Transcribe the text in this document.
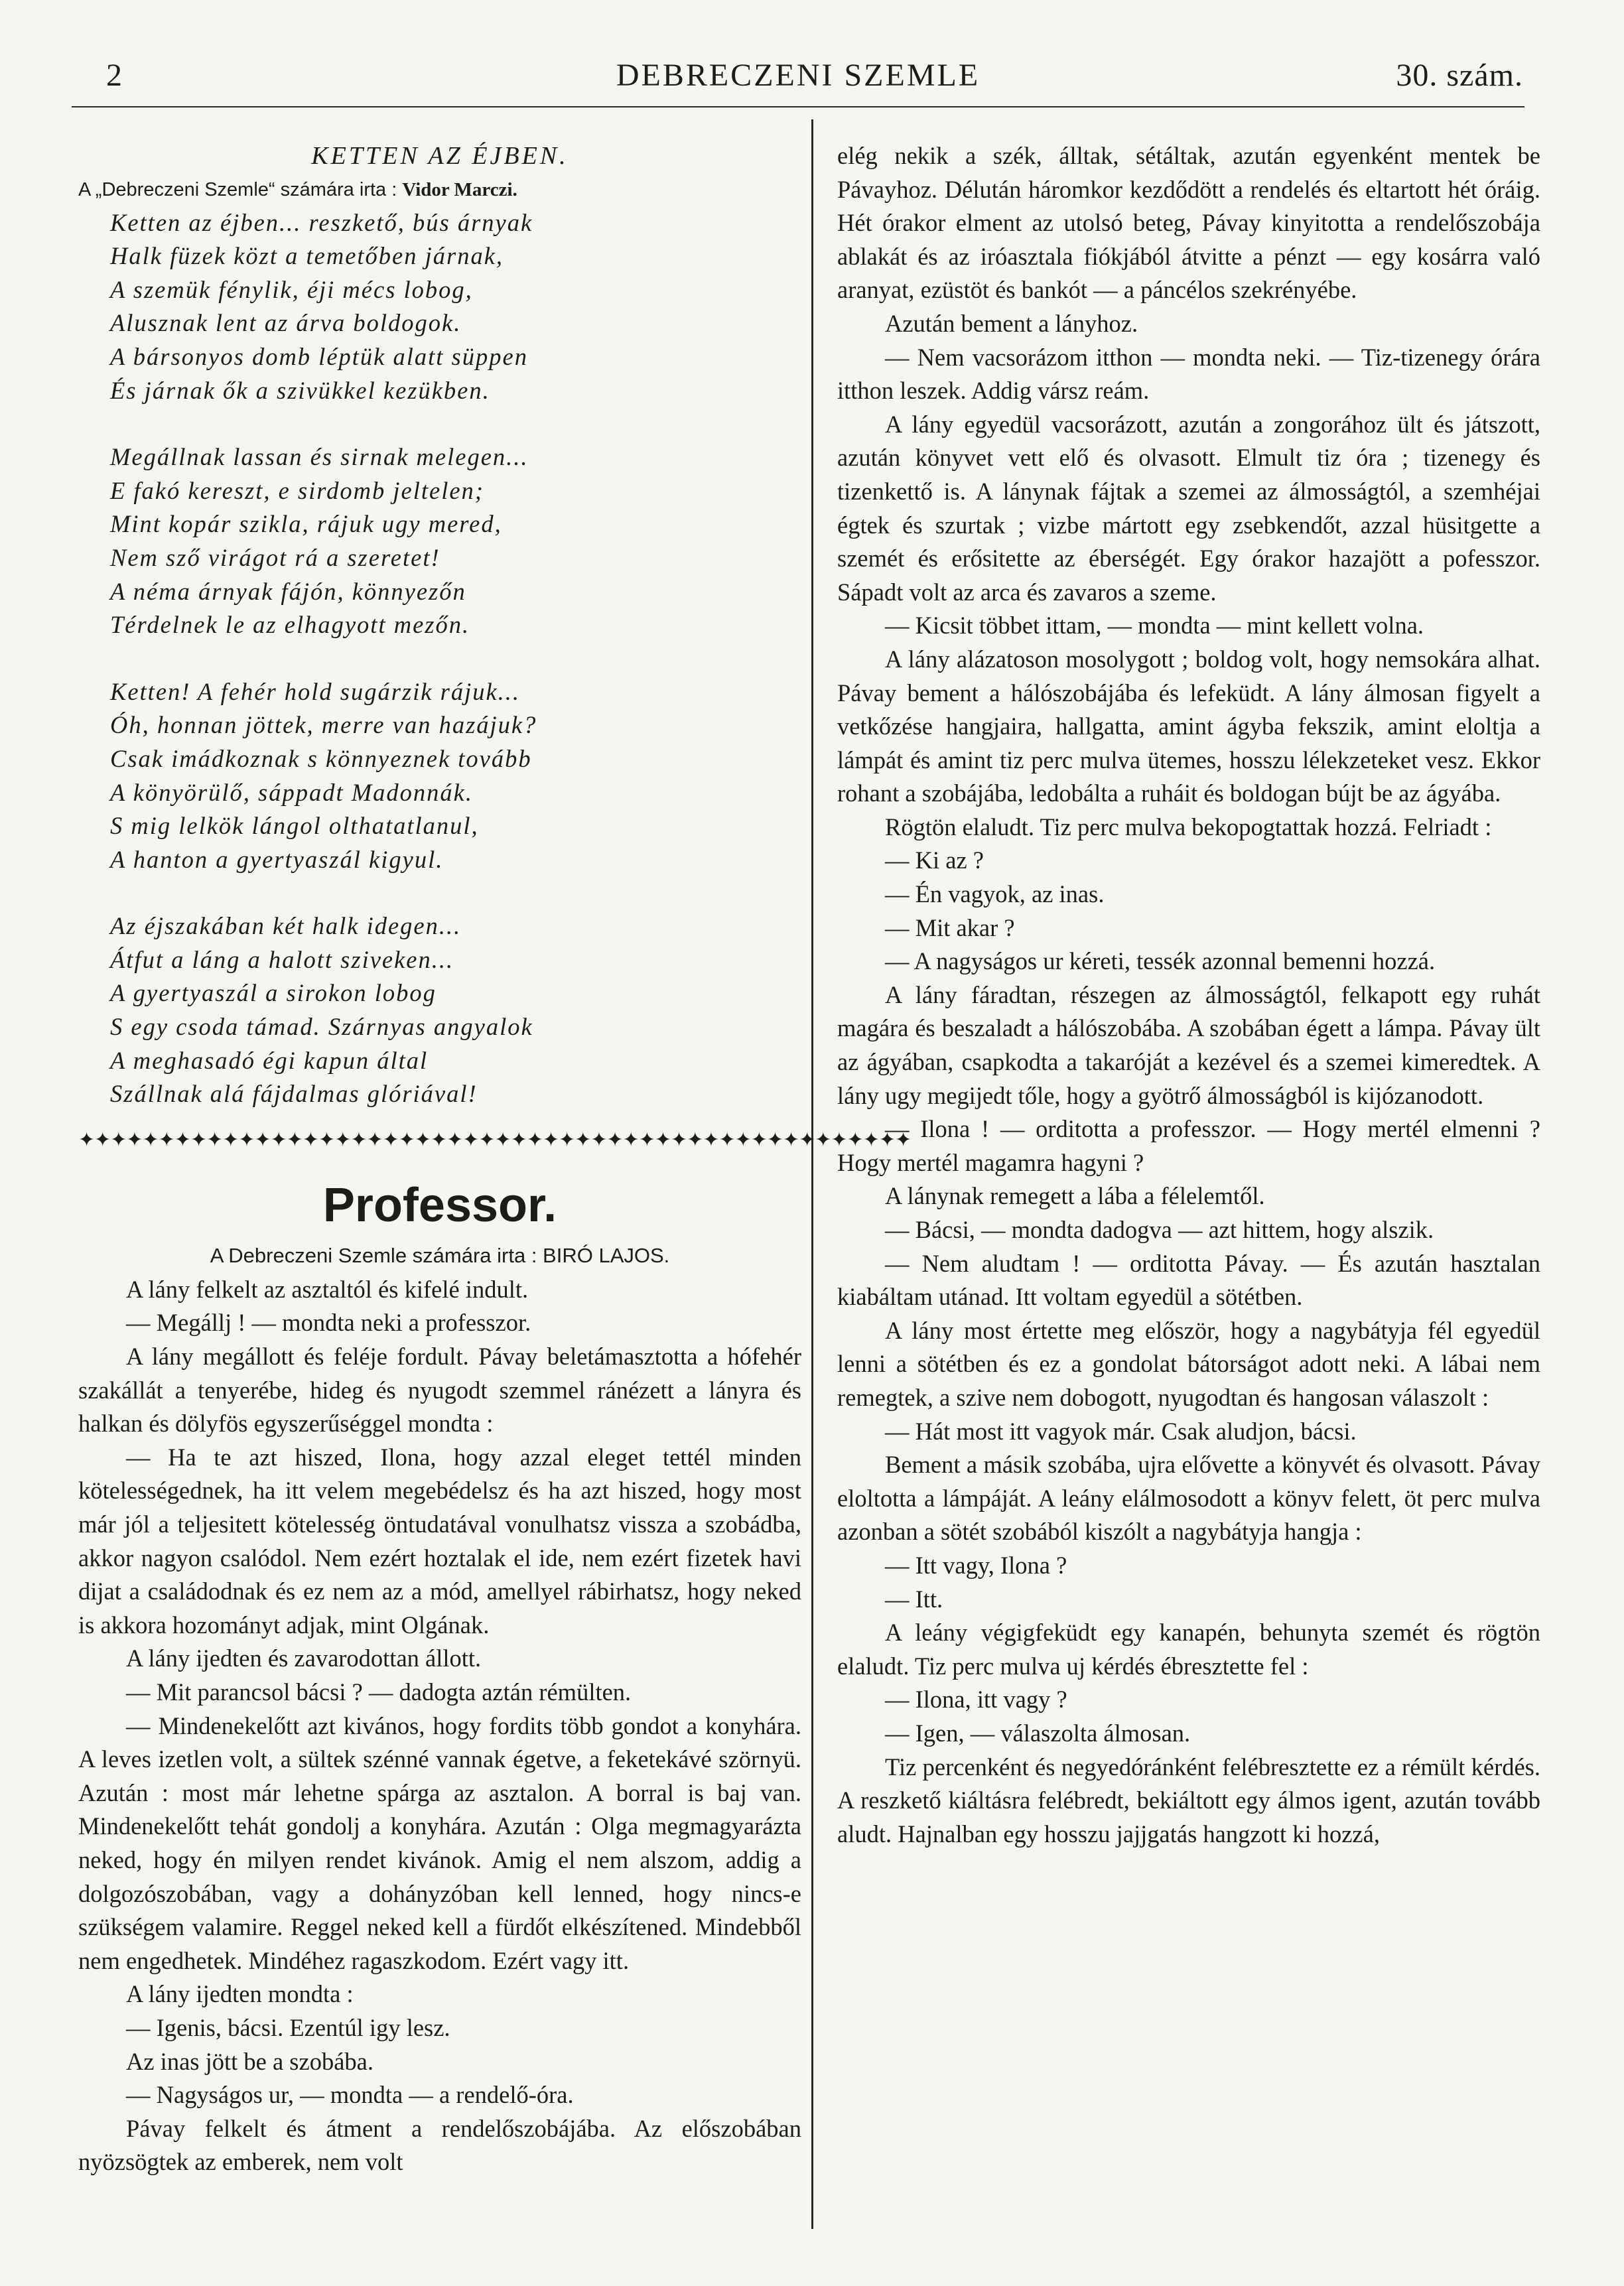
2	DEBRECZENI SZEMLE	30. szám.

KETTEN AZ ÉJBEN.

A „Debreczeni Szemle“ számára irta : Vidor Marczi.

Ketten az éjben... reszkető, bús árnyak
Halk füzek közt a temetőben járnak,
A szemük fénylik, éji mécs lobog,
Alusznak lent az árva boldogok.
A bársonyos domb léptük alatt süppen
És járnak ők a szivükkel kezükben.
Megállnak lassan és sirnak melegen...
E fakó kereszt, e sirdomb jeltelen;
Mint kopár szikla, rájuk ugy mered,
Nem sző virágot rá a szeretet!
A néma árnyak fájón, könnyezőn
Térdelnek le az elhagyott mezőn.
Ketten! A fehér hold sugárzik rájuk...
Óh, honnan jöttek, merre van hazájuk?
Csak imádkoznak s könnyeznek tovább
A könyörülő, sáppadt Madonnák.
S mig lelkök lángol olthatatlanul,
A hanton a gyertyaszál kigyul.
Az éjszakában két halk idegen...
Átfut a láng a halott sziveken...
A gyertyaszál a sirokon lobog
S egy csoda támad. Szárnyas angyalok
A meghasadó égi kapun által
Szállnak alá fájdalmas glóriával!
✦✦✦✦✦✦✦✦✦✦✦✦✦✦✦✦✦✦✦✦✦✦✦✦✦✦✦✦✦✦✦✦✦✦✦✦✦✦✦✦✦✦✦✦✦✦✦✦✦✦✦✦
Professor.
A Debreczeni Szemle számára irta : BIRÓ LAJOS.

A lány felkelt az asztaltól és kifelé indult.

— Megállj ! — mondta neki a professzor.

A lány megállott és feléje fordult. Pávay beletámasztotta a hófehér szakállát a tenyerébe, hideg és nyugodt szemmel ránézett a lányra és halkan és dölyfös egyszerűséggel mondta :

— Ha te azt hiszed, Ilona, hogy azzal eleget tettél minden kötelességednek, ha itt velem megebédelsz és ha azt hiszed, hogy most már jól a teljesitett kötelesség öntudatával vonulhatsz vissza a szobádba, akkor nagyon csalódol. Nem ezért hoztalak el ide, nem ezért fizetek havi dijat a családodnak és ez nem az a mód, amellyel rábirhatsz, hogy neked is akkora hozományt adjak, mint Olgának.

A lány ijedten és zavarodottan állott.

— Mit parancsol bácsi ? — dadogta aztán rémülten.

— Mindenekelőtt azt kivános, hogy fordits több gondot a konyhára. A leves izetlen volt, a sültek szénné vannak égetve, a feketekávé szörnyü. Azután : most már lehetne spárga az asztalon. A borral is baj van. Mindenekelőtt tehát gondolj a konyhára. Azután : Olga megmagyarázta neked, hogy én milyen rendet kivánok. Amig el nem alszom, addig a dolgozószobában, vagy a dohányzóban kell lenned, hogy nincs-e szükségem valamire. Reggel neked kell a fürdőt elkészítened. Mindebből nem engedhetek. Mindéhez ragaszkodom. Ezért vagy itt.

A lány ijedten mondta :

— Igenis, bácsi. Ezentúl igy lesz.

Az inas jött be a szobába.

— Nagyságos ur, — mondta — a rendelő-óra.

Pávay felkelt és átment a rendelőszobájába. Az előszobában nyözsögtek az emberek, nem volt

elég nekik a szék, álltak, sétáltak, azután egyenként mentek be Pávayhoz. Délután háromkor kezdődött a rendelés és eltartott hét óráig. Hét órakor elment az utolsó beteg, Pávay kinyitotta a rendelőszobája ablakát és az iróasztala fiókjából átvitte a pénzt — egy kosárra való aranyat, ezüstöt és bankót — a páncélos szekrényébe.

Azután bement a lányhoz.

— Nem vacsorázom itthon — mondta neki. — Tiz-tizenegy órára itthon leszek. Addig vársz reám.

A lány egyedül vacsorázott, azután a zongorához ült és játszott, azután könyvet vett elő és olvasott. Elmult tiz óra ; tizenegy és tizenkettő is. A lánynak fájtak a szemei az álmosságtól, a szemhéjai égtek és szurtak ; vizbe mártott egy zsebkendőt, azzal hüsitgette a szemét és erősitette az éberségét. Egy órakor hazajött a pofesszor. Sápadt volt az arca és zavaros a szeme.

— Kicsit többet ittam, — mondta — mint kellett volna.

A lány alázatoson mosolygott ; boldog volt, hogy nemsokára alhat. Pávay bement a hálószobájába és lefeküdt. A lány álmosan figyelt a vetkőzése hangjaira, hallgatta, amint ágyba fekszik, amint eloltja a lámpát és amint tiz perc mulva ütemes, hosszu lélekzeteket vesz. Ekkor rohant a szobájába, ledobálta a ruháit és boldogan bújt be az ágyába.

Rögtön elaludt. Tiz perc mulva bekopogtattak hozzá. Felriadt :

— Ki az ?

— Én vagyok, az inas.

— Mit akar ?

— A nagyságos ur kéreti, tessék azonnal bemenni hozzá.

A lány fáradtan, részegen az álmosságtól, felkapott egy ruhát magára és beszaladt a hálószobába. A szobában égett a lámpa. Pávay ült az ágyában, csapkodta a takaróját a kezével és a szemei kimeredtek. A lány ugy megijedt tőle, hogy a gyötrő álmosságból is kijózanodott.

— Ilona ! — orditotta a professzor. — Hogy mertél elmenni ? Hogy mertél magamra hagyni ?

A lánynak remegett a lába a félelemtől.

— Bácsi, — mondta dadogva — azt hittem, hogy alszik.

— Nem aludtam ! — orditotta Pávay. — És azután hasztalan kiabáltam utánad. Itt voltam egyedül a sötétben.

A lány most értette meg először, hogy a nagybátyja fél egyedül lenni a sötétben és ez a gondolat bátorságot adott neki. A lábai nem remegtek, a szive nem dobogott, nyugodtan és hangosan válaszolt :

— Hát most itt vagyok már. Csak aludjon, bácsi.

Bement a másik szobába, ujra elővette a könyvét és olvasott. Pávay eloltotta a lámpáját. A leány elálmosodott a könyv felett, öt perc mulva azonban a sötét szobából kiszólt a nagybátyja hangja :

— Itt vagy, Ilona ?

— Itt.

A leány végigfeküdt egy kanapén, behunyta szemét és rögtön elaludt. Tiz perc mulva uj kérdés ébresztette fel :

— Ilona, itt vagy ?

— Igen, — válaszolta álmosan.

Tiz percenként és negyedóránként felébresztette ez a rémült kérdés. A reszkető kiáltásra felébredt, bekiáltott egy álmos igent, azután tovább aludt. Hajnalban egy hosszu jajjgatás hangzott ki hozzá,
